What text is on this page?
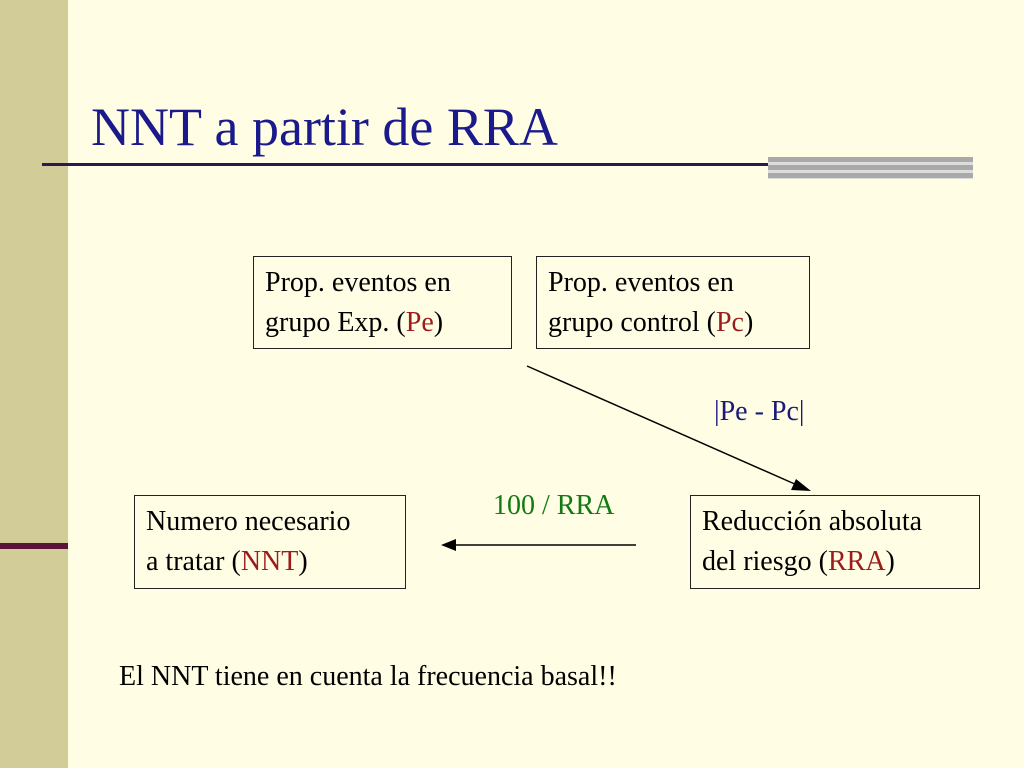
NNT a partir de RRA
Prop. eventos en
grupo Exp. (Pe)
Prop. eventos en
grupo control (Pc)
Numero necesario
a tratar (NNT)
Reducción absoluta
del riesgo (RRA)
|Pe - Pc|
100 / RRA
El NNT tiene en cuenta la frecuencia basal!!
